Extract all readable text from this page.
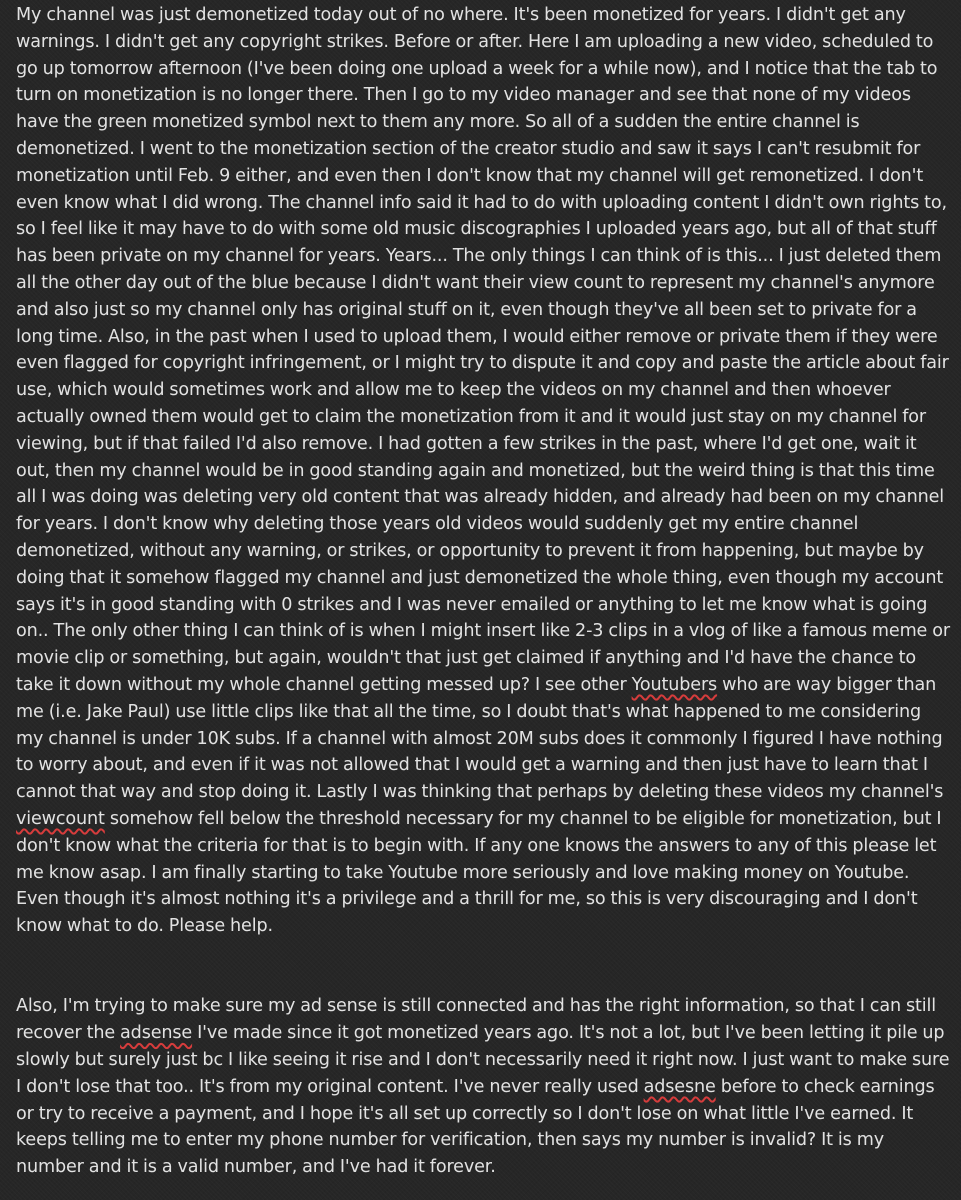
My channel was just demonetized today out of no where. It's been monetized for years. I didn't get any warnings. I didn't get any copyright strikes. Before or after. Here I am uploading a new video, scheduled to go up tomorrow afternoon (I've been doing one upload a week for a while now), and I notice that the tab to turn on monetization is no longer there. Then I go to my video manager and see that none of my videos have the green monetized symbol next to them any more. So all of a sudden the entire channel is demonetized. I went to the monetization section of the creator studio and saw it says I can't resubmit for monetization until Feb. 9 either, and even then I don't know that my channel will get remonetized. I don't even know what I did wrong. The channel info said it had to do with uploading content I didn't own rights to, so I feel like it may have to do with some old music discographies I uploaded years ago, but all of that stuff has been private on my channel for years. Years... The only things I can think of is this... I just deleted them all the other day out of the blue because I didn't want their view count to represent my channel's anymore and also just so my channel only has original stuff on it, even though they've all been set to private for a long time. Also, in the past when I used to upload them, I would either remove or private them if they were even flagged for copyright infringement, or I might try to dispute it and copy and paste the article about fair use, which would sometimes work and allow me to keep the videos on my channel and then whoever actually owned them would get to claim the monetization from it and it would just stay on my channel for viewing, but if that failed I'd also remove. I had gotten a few strikes in the past, where I'd get one, wait it out, then my channel would be in good standing again and monetized, but the weird thing is that this time all I was doing was deleting very old content that was already hidden, and already had been on my channel for years. I don't know why deleting those years old videos would suddenly get my entire channel demonetized, without any warning, or strikes, or opportunity to prevent it from happening, but maybe by doing that it somehow flagged my channel and just demonetized the whole thing, even though my account says it's in good standing with 0 strikes and I was never emailed or anything to let me know what is going on.. The only other thing I can think of is when I might insert like 2-3 clips in a vlog of like a famous meme or movie clip or something, but again, wouldn't that just get claimed if anything and I'd have the chance to take it down without my whole channel getting messed up? I see other Youtubers who are way bigger than me (i.e. Jake Paul) use little clips like that all the time, so I doubt that's what happened to me considering my channel is under 10K subs. If a channel with almost 20M subs does it commonly I figured I have nothing to worry about, and even if it was not allowed that I would get a warning and then just have to learn that I cannot that way and stop doing it. Lastly I was thinking that perhaps by deleting these videos my channel's viewcount somehow fell below the threshold necessary for my channel to be eligible for monetization, but I don't know what the criteria for that is to begin with. If any one knows the answers to any of this please let me know asap. I am finally starting to take Youtube more seriously and love making money on Youtube. Even though it's almost nothing it's a privilege and a thrill for me, so this is very discouraging and I don't know what to do. Please help.

Also, I'm trying to make sure my ad sense is still connected and has the right information, so that I can still recover the adsense I've made since it got monetized years ago. It's not a lot, but I've been letting it pile up slowly but surely just bc I like seeing it rise and I don't necessarily need it right now. I just want to make sure I don't lose that too.. It's from my original content. I've never really used adsesne before to check earnings or try to receive a payment, and I hope it's all set up correctly so I don't lose on what little I've earned. It keeps telling me to enter my phone number for verification, then says my number is invalid? It is my number and it is a valid number, and I've had it forever.
